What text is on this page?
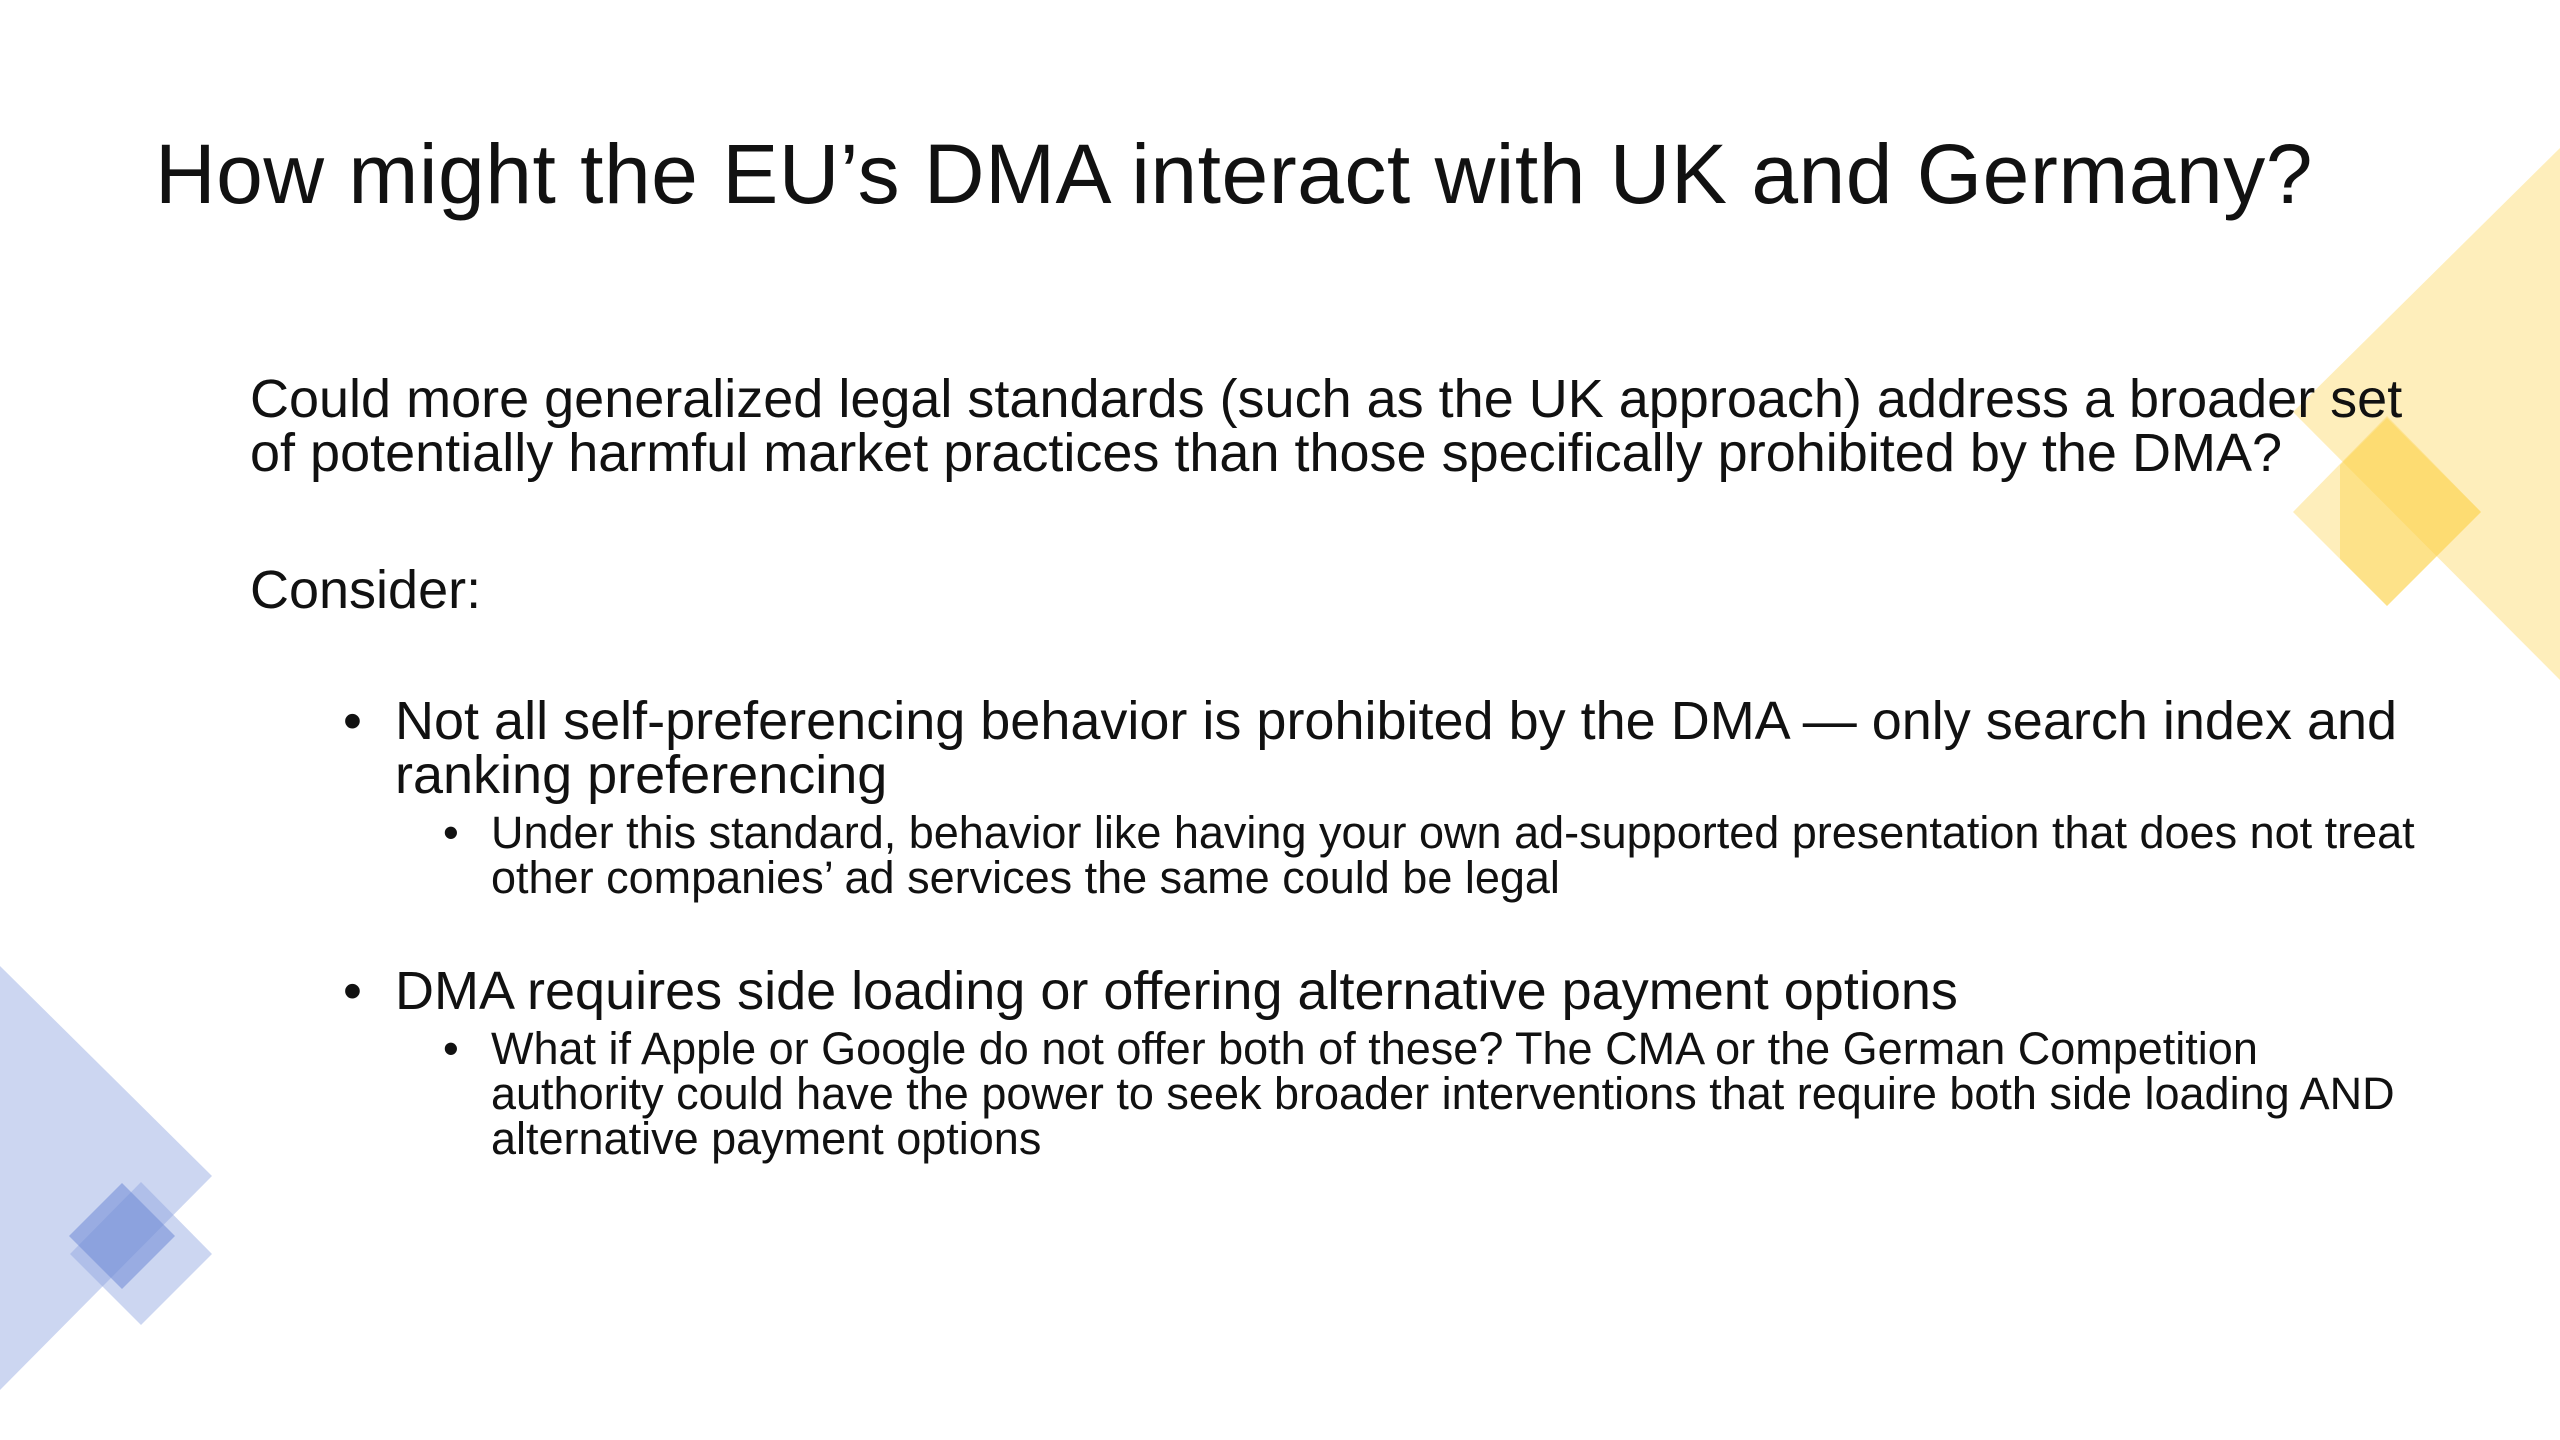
How might the EU’s DMA interact with UK and Germany?

Could more generalized legal standards (such as the UK approach) address a broader set of potentially harmful market practices than those specifically prohibited by the DMA?

Consider:

• Not all self-preferencing behavior is prohibited by the DMA — only search index and ranking preferencing
• Under this standard, behavior like having your own ad-supported presentation that does not treat other companies’ ad services the same could be legal
• DMA requires side loading or offering alternative payment options
• What if Apple or Google do not offer both of these? The CMA or the German Competition authority could have the power to seek broader interventions that require both side loading AND alternative payment options
